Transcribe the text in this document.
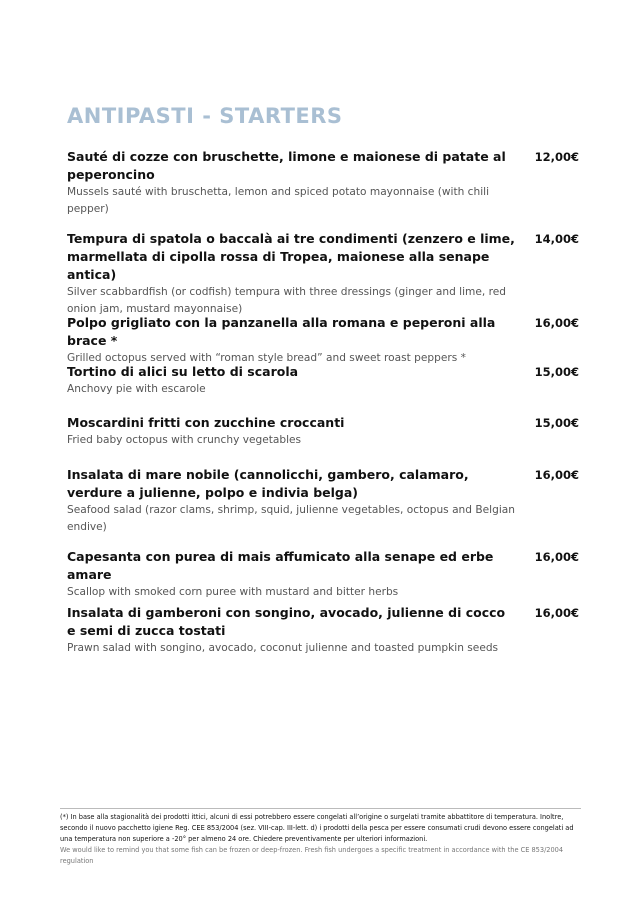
ANTIPASTI - STARTERS
Sauté di cozze con bruschette, limone e maionese di patate al peperoncino
Mussels sauté with bruschetta, lemon and spiced potato mayonnaise (with chili pepper)
12,00€
Tempura di spatola o baccalà ai tre condimenti (zenzero e lime, marmellata di cipolla rossa di Tropea, maionese alla senape antica)
Silver scabbardfish (or codfish) tempura with three dressings (ginger and lime, red onion jam, mustard mayonnaise)
14,00€
Polpo grigliato con la panzanella alla romana e peperoni alla brace *
Grilled octopus served with “roman style bread” and sweet roast peppers *
16,00€
Tortino di alici su letto di scarola
Anchovy pie with escarole
15,00€
Moscardini fritti con zucchine croccanti
Fried baby octopus with crunchy vegetables
15,00€
Insalata di mare nobile (cannolicchi, gambero, calamaro, verdure a julienne, polpo e indivia belga)
Seafood salad (razor clams, shrimp, squid, julienne vegetables, octopus and Belgian endive)
16,00€
Capesanta con purea di mais affumicato alla senape ed erbe amare
Scallop with smoked corn puree with mustard and bitter herbs
16,00€
Insalata di gamberoni con songino, avocado, julienne di cocco e semi di zucca tostati
Prawn salad with songino, avocado, coconut julienne and toasted pumpkin seeds
16,00€
(*) In base alla stagionalità dei prodotti ittici, alcuni di essi potrebbero essere congelati all’origine o surgelati tramite abbattitore di temperatura. Inoltre, secondo il nuovo pacchetto igiene Reg. CEE 853/2004 (sez. VIII-cap. III-lett. d) i prodotti della pesca per essere consumati crudi devono essere congelati ad una temperatura non superiore a -20° per almeno 24 ore. Chiedere preventivamente per ulteriori informazioni.
We would like to remind you that some fish can be frozen or deep-frozen. Fresh fish undergoes a specific treatment in accordance with the CE 853/2004 regulation
